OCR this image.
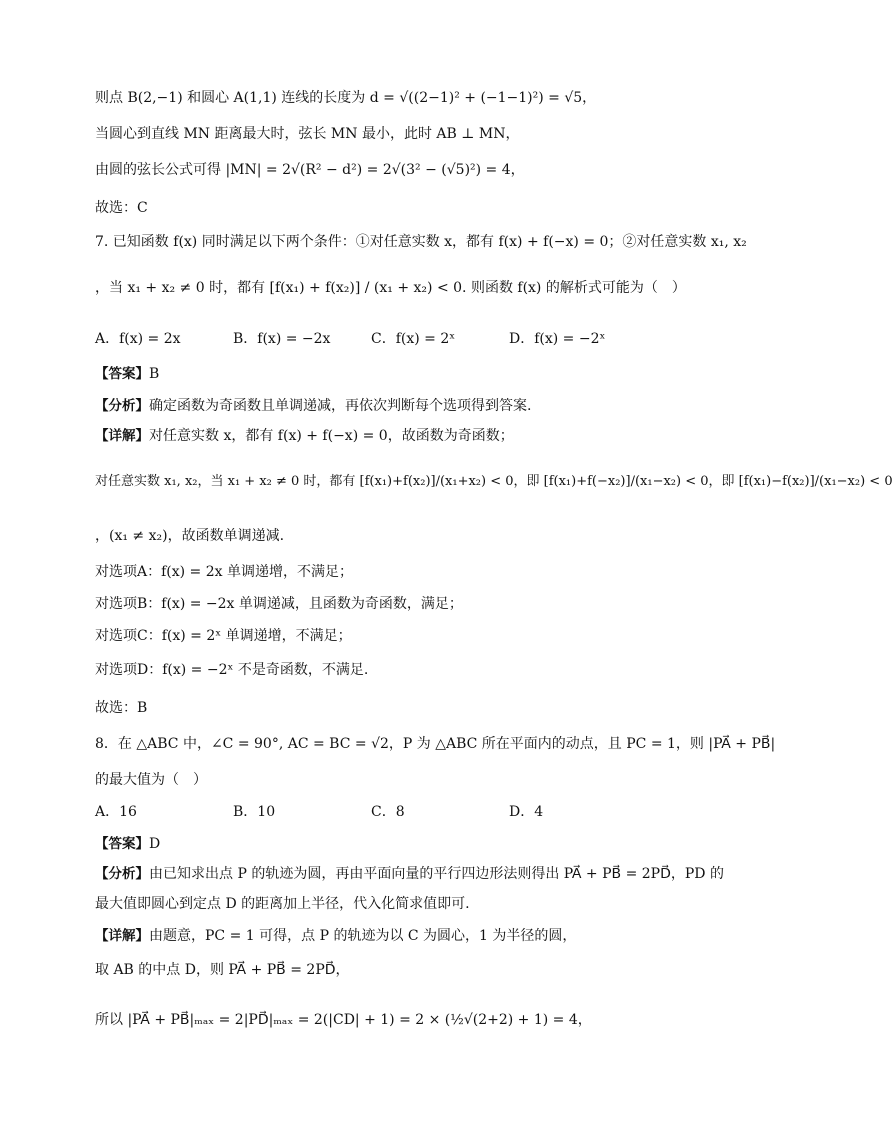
则点 B(2,−1) 和圆心 A(1,1) 连线的长度为 d = √((2−1)² + (−1−1)²) = √5，
当圆心到直线 MN 距离最大时，弦长 MN 最小，此时 AB ⊥ MN，
由圆的弦长公式可得 |MN| = 2√(R² − d²) = 2√(3² − (√5)²) = 4，
故选：C
7. 已知函数 f(x) 同时满足以下两个条件：①对任意实数 x，都有 f(x) + f(−x) = 0；②对任意实数 x₁, x₂
，当 x₁ + x₂ ≠ 0 时，都有 [f(x₁) + f(x₂)] / (x₁ + x₂) < 0. 则函数 f(x) 的解析式可能为（　）
A．f(x) = 2x	B．f(x) = −2x	C．f(x) = 2ˣ	D．f(x) = −2ˣ
【答案】B
【分析】确定函数为奇函数且单调递减，再依次判断每个选项得到答案.
【详解】对任意实数 x，都有 f(x) + f(−x) = 0，故函数为奇函数；
对任意实数 x₁, x₂，当 x₁ + x₂ ≠ 0 时，都有 [f(x₁)+f(x₂)]/(x₁+x₂) < 0，即 [f(x₁)+f(−x₂)]/(x₁−x₂) < 0，即 [f(x₁)−f(x₂)]/(x₁−x₂) < 0
，(x₁ ≠ x₂)，故函数单调递减.
对选项A：f(x) = 2x 单调递增，不满足；
对选项B：f(x) = −2x 单调递减，且函数为奇函数，满足；
对选项C：f(x) = 2ˣ 单调递增，不满足；
对选项D：f(x) = −2ˣ 不是奇函数，不满足.
故选：B
8．在 △ABC 中，∠C = 90°, AC = BC = √2，P 为 △ABC 所在平面内的动点，且 PC = 1，则 |PA⃗ + PB⃗|
的最大值为（　）
A．16	B．10	C．8	D．4
【答案】D
【分析】由已知求出点 P 的轨迹为圆，再由平面向量的平行四边形法则得出 PA⃗ + PB⃗ = 2PD⃗，PD 的
最大值即圆心到定点 D 的距离加上半径，代入化简求值即可.
【详解】由题意，PC = 1 可得，点 P 的轨迹为以 C 为圆心，1 为半径的圆，
取 AB 的中点 D，则 PA⃗ + PB⃗ = 2PD⃗，
所以 |PA⃗ + PB⃗|ₘₐₓ = 2|PD⃗|ₘₐₓ = 2(|CD| + 1) = 2 × (½√(2+2) + 1) = 4，
